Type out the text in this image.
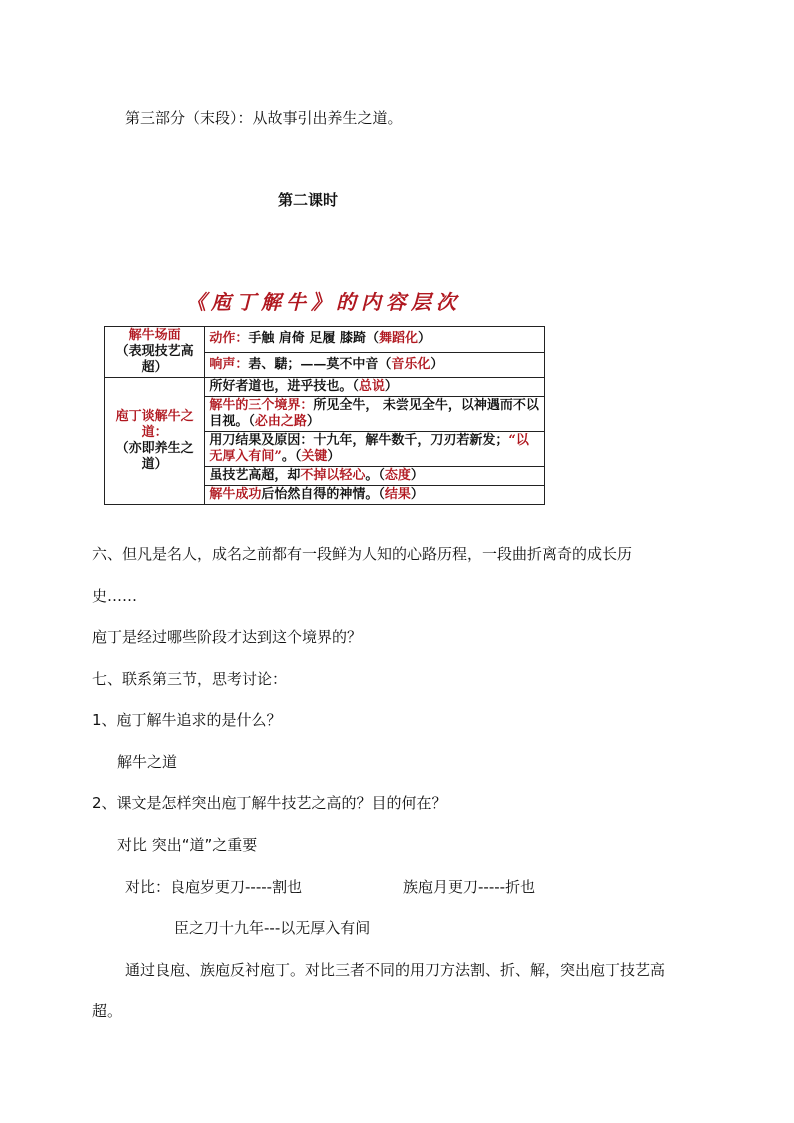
第三部分（末段）：从故事引出养生之道。
第二课时
《庖丁解牛》的内容层次
解牛场面
（表现技艺高超）	动作：手触 肩倚 足履 膝踦（舞蹈化）
	响声：砉、騞；——莫不中音（音乐化）
庖丁谈解牛之道：
（亦即养生之道）	所好者道也，进乎技也。（总说）
	解牛的三个境界：所见全牛， 未尝见全牛，以神遇而不以目视。（必由之路）
	用刀结果及原因：十九年，解牛数千，刀刃若新发；“以无厚入有间”。（关键）
	虽技艺高超，却不掉以轻心。（态度）
	解牛成功后怡然自得的神情。（结果）
六、但凡是名人，成名之前都有一段鲜为人知的心路历程，一段曲折离奇的成长历
史……
庖丁是经过哪些阶段才达到这个境界的？
七、联系第三节，思考讨论：
1、庖丁解牛追求的是什么？
解牛之道
2、课文是怎样突出庖丁解牛技艺之高的？目的何在？
对比 突出“道”之重要
对比：良庖岁更刀-----割也	族庖月更刀-----折也
臣之刀十九年---以无厚入有间
通过良庖、族庖反衬庖丁。对比三者不同的用刀方法割、折、解，突出庖丁技艺高
超。
